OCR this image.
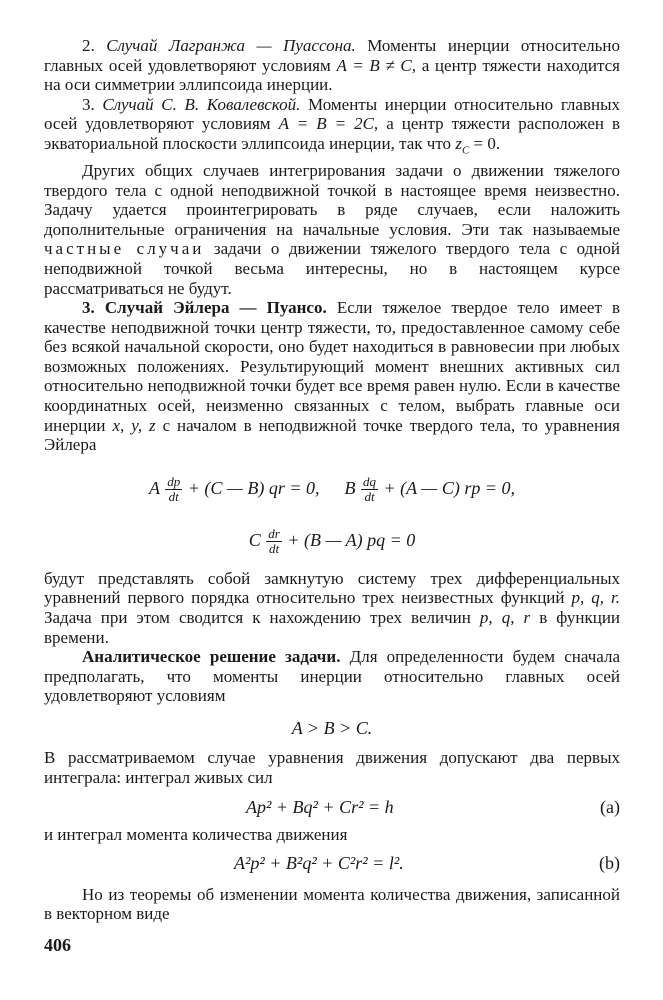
2. Случай Лагранжа — Пуассона. Моменты инерции относительно главных осей удовлетворяют условиям A = B ≠ C, а центр тяжести находится на оси симметрии эллипсоида инерции.

3. Случай С. В. Ковалевской. Моменты инерции относительно главных осей удовлетворяют условиям A = B = 2C, а центр тяжести расположен в экваториальной плоскости эллипсоида инерции, так что $z_C = 0$.

Других общих случаев интегрирования задачи о движении тяжелого твердого тела с одной неподвижной точкой в настоящее время неизвестно. Задачу удается проинтегрировать в ряде случаев, если наложить дополнительные ограничения на начальные условия. Эти так называемые частные случаи задачи о движении тяжелого твердого тела с одной неподвижной точкой весьма интересны, но в настоящем курсе рассматриваться не будут.

3. Случай Эйлера — Пуансо. Если тяжелое твердое тело имеет в качестве неподвижной точки центр тяжести, то, предоставленное самому себе без всякой начальной скорости, оно будет находиться в равновесии при любых возможных положениях. Результирующий момент внешних активных сил относительно неподвижной точки будет все время равен нулю. Если в качестве координатных осей, неизменно связанных с телом, выбрать главные оси инерции x, y, z с началом в неподвижной точке твердого тела, то уравнения Эйлера

A $\frac{dp}{dt} + (C$ — B) qr = 0, B $\frac{dq}{dt} + (A$ — C) rp = 0,

C $\frac{dr}{dt} + (B$ — A) pq = 0

будут представлять собой замкнутую систему трех дифференциальных уравнений первого порядка относительно трех неизвестных функций p, q, r. Задача при этом сводится к нахождению трех величин p, q, r в функции времени.

Аналитическое решение задачи. Для определенности будем сначала предполагать, что моменты инерции относительно главных осей удовлетворяют условиям

A > B > C.

В рассматриваемом случае уравнения движения допускают два первых интеграла: интеграл живых сил

Ap² + Bq² + Cr² = h	(a)

и интеграл момента количества движения

A²p² + B²q² + C²r² = l².	(b)

Но из теоремы об изменении момента количества движения, записанной в векторном виде

406
